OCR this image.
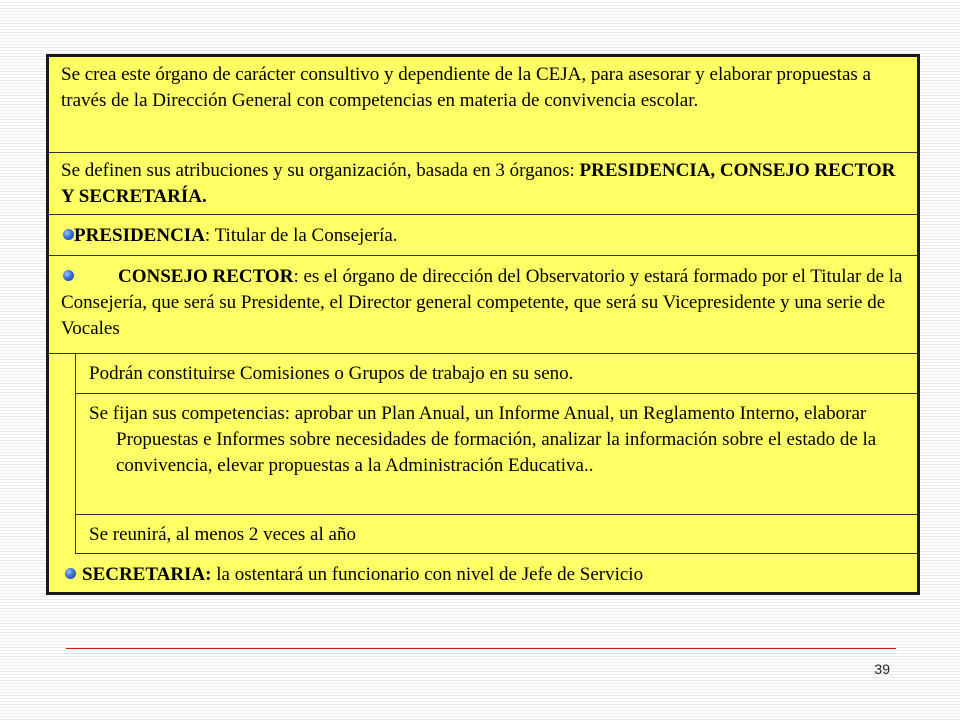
Se crea este órgano de carácter consultivo y dependiente de la CEJA, para asesorar y elaborar propuestas a través de la Dirección General con competencias en materia de convivencia escolar.
Se definen sus atribuciones y su organización, basada en 3 órganos: PRESIDENCIA, CONSEJO RECTOR Y SECRETARÍA.
PRESIDENCIA: Titular de la Consejería.
CONSEJO RECTOR: es el órgano de dirección del Observatorio y estará formado por el Titular de la Consejería, que será su Presidente, el Director general competente, que será su Vicepresidente y una serie de Vocales
Podrán constituirse Comisiones o Grupos de trabajo en su seno.
Se fijan sus competencias: aprobar un Plan Anual, un Informe Anual, un Reglamento Interno, elaborar Propuestas e Informes sobre necesidades de formación, analizar la información sobre el estado de la convivencia, elevar propuestas a la Administración Educativa..
Se reunirá, al menos 2 veces al año
SECRETARIA: la ostentará un funcionario con nivel de Jefe de Servicio
39
